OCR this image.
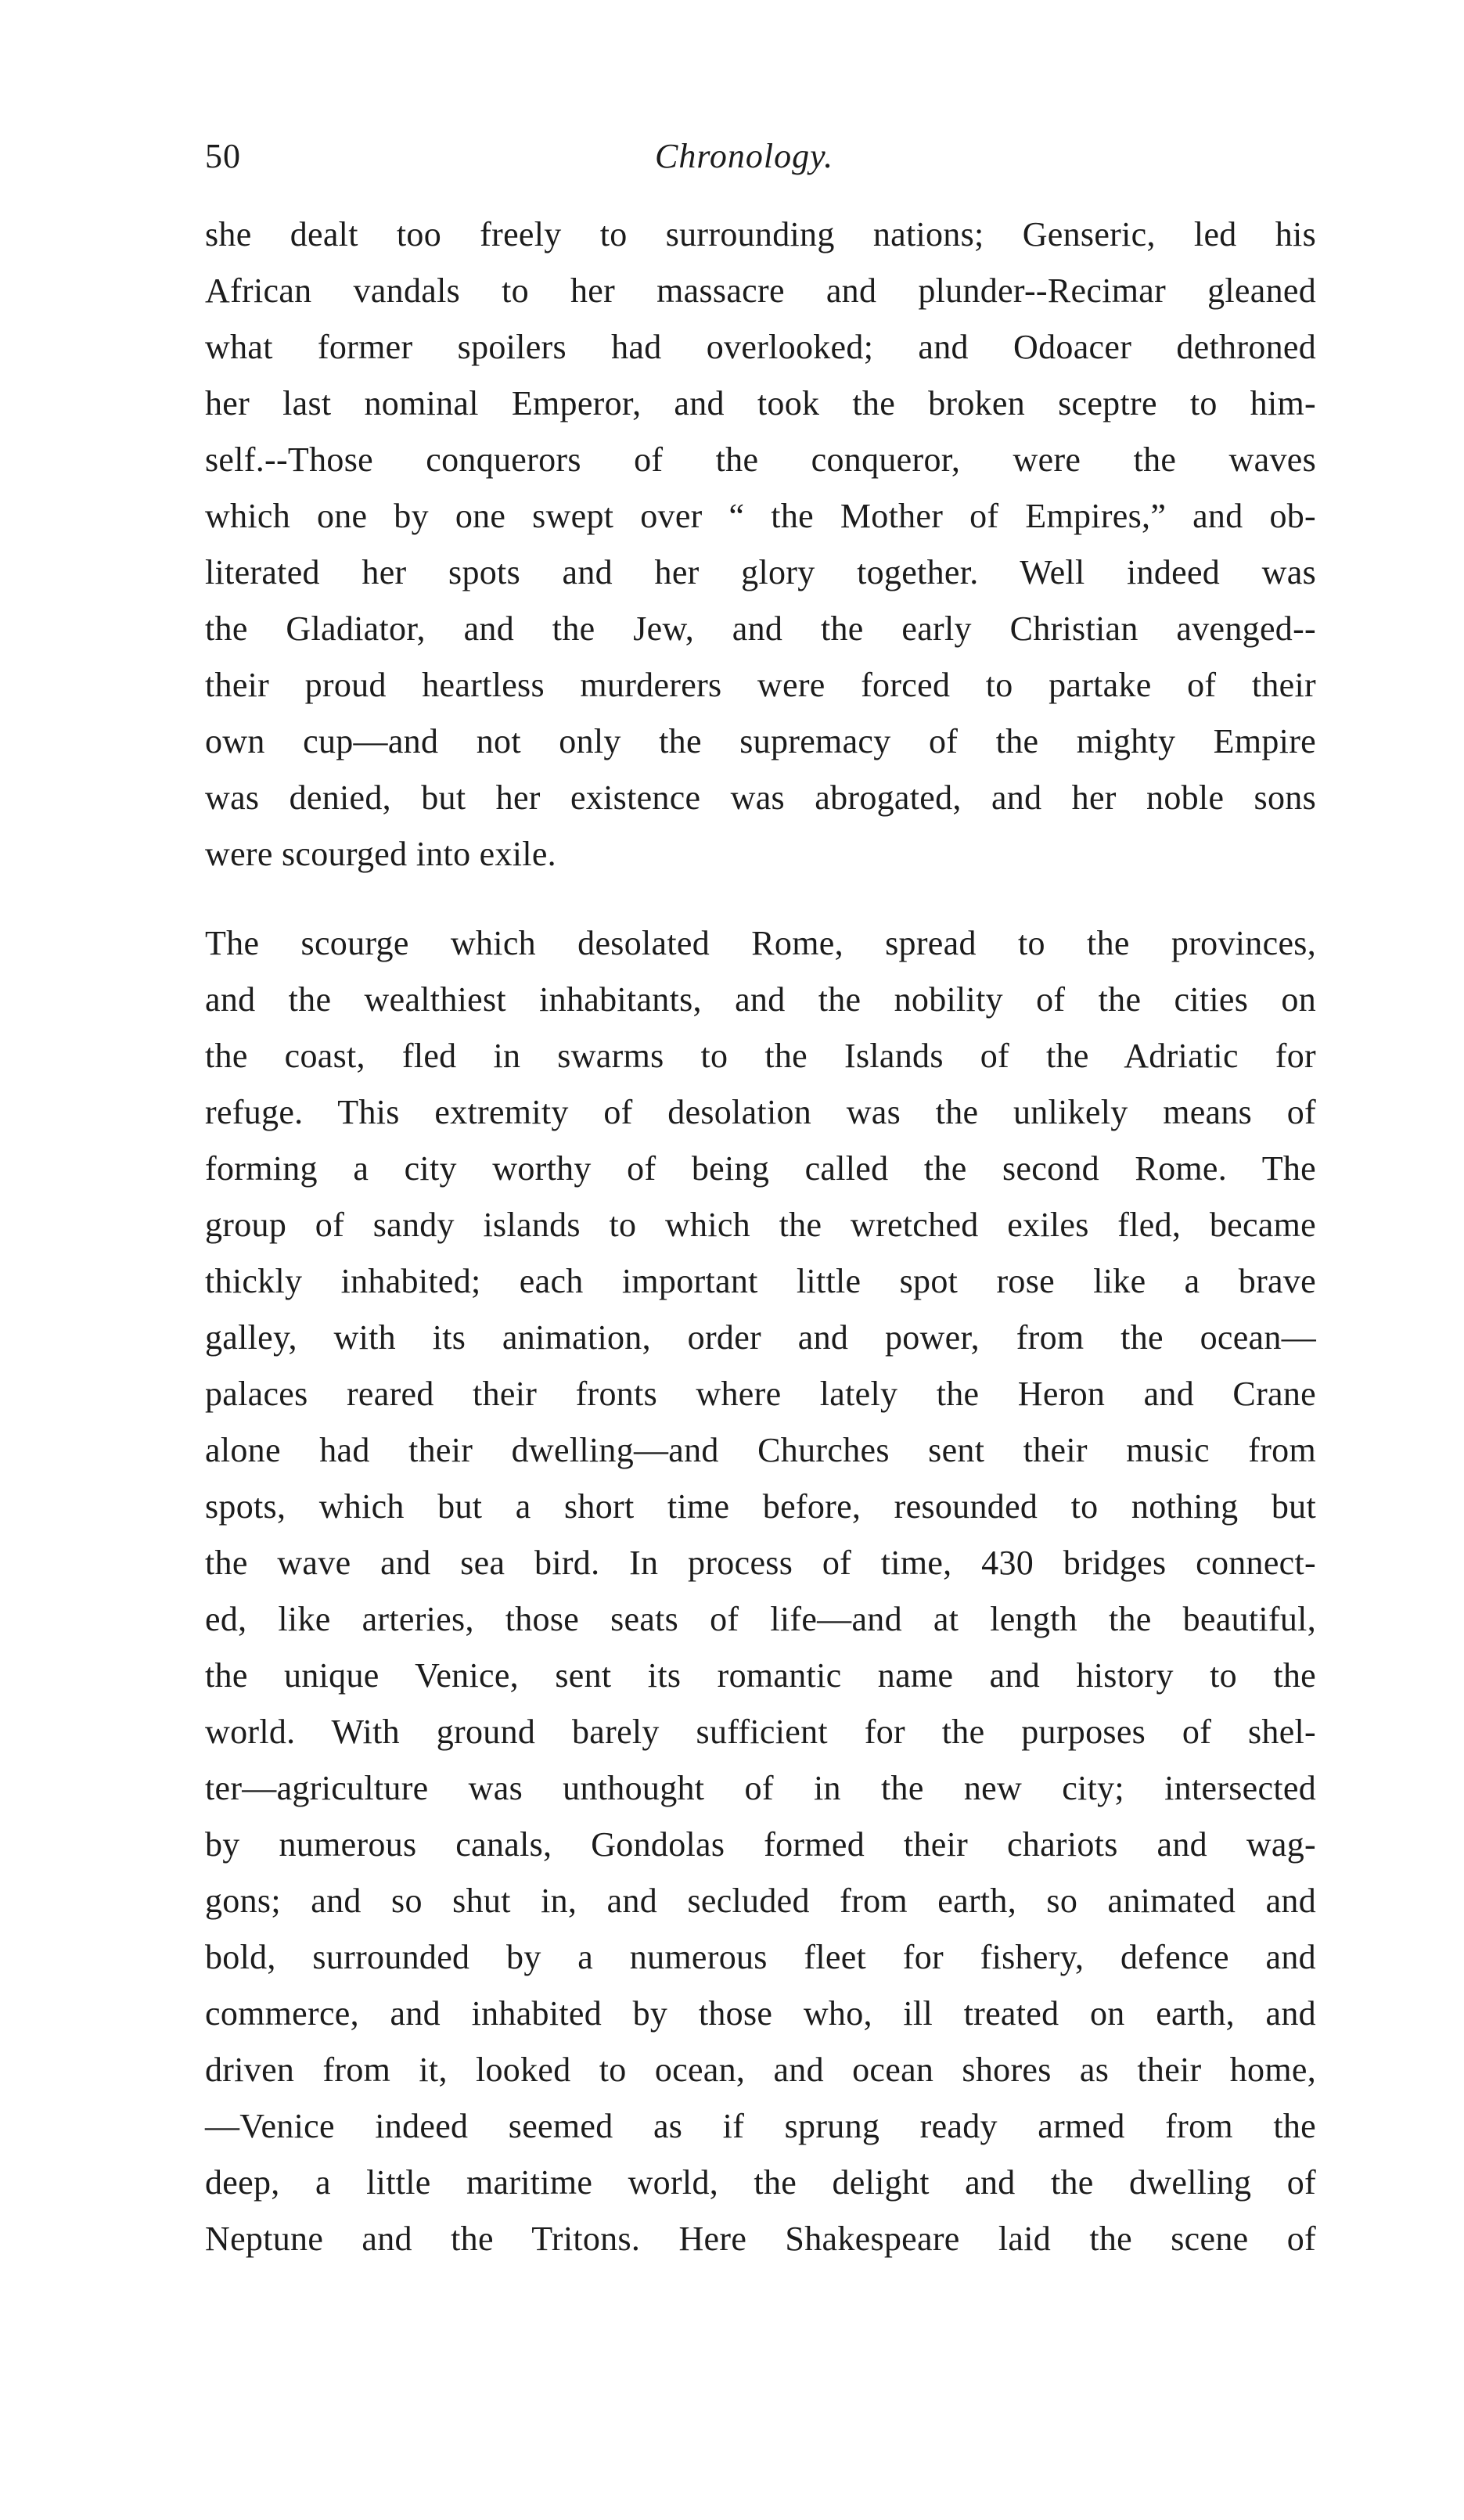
50	Chronology.
she dealt too freely to surrounding nations; Genseric, led his
African vandals to her massacre and plunder--Recimar gleaned
what former spoilers had overlooked; and Odoacer dethroned
her last nominal Emperor, and took the broken sceptre to him-
self.--Those conquerors of the conqueror, were the waves
which one by one swept over “ the Mother of Empires,” and ob-
literated her spots and her glory together. Well indeed was
the Gladiator, and the Jew, and the early Christian avenged--
their proud heartless murderers were forced to partake of their
own cup—and not only the supremacy of the mighty Empire
was denied, but her existence was abrogated, and her noble sons
were scourged into exile.
The scourge which desolated Rome, spread to the provinces,
and the wealthiest inhabitants, and the nobility of the cities on
the coast, fled in swarms to the Islands of the Adriatic for
refuge. This extremity of desolation was the unlikely means of
forming a city worthy of being called the second Rome. The
group of sandy islands to which the wretched exiles fled, became
thickly inhabited; each important little spot rose like a brave
galley, with its animation, order and power, from the ocean—
palaces reared their fronts where lately the Heron and Crane
alone had their dwelling—and Churches sent their music from
spots, which but a short time before, resounded to nothing but
the wave and sea bird. In process of time, 430 bridges connect-
ed, like arteries, those seats of life—and at length the beautiful,
the unique Venice, sent its romantic name and history to the
world. With ground barely sufficient for the purposes of shel-
ter—agriculture was unthought of in the new city; intersected
by numerous canals, Gondolas formed their chariots and wag-
gons; and so shut in, and secluded from earth, so animated and
bold, surrounded by a numerous fleet for fishery, defence and
commerce, and inhabited by those who, ill treated on earth, and
driven from it, looked to ocean, and ocean shores as their home,
—Venice indeed seemed as if sprung ready armed from the
deep, a little maritime world, the delight and the dwelling of
Neptune and the Tritons. Here Shakespeare laid the scene of
